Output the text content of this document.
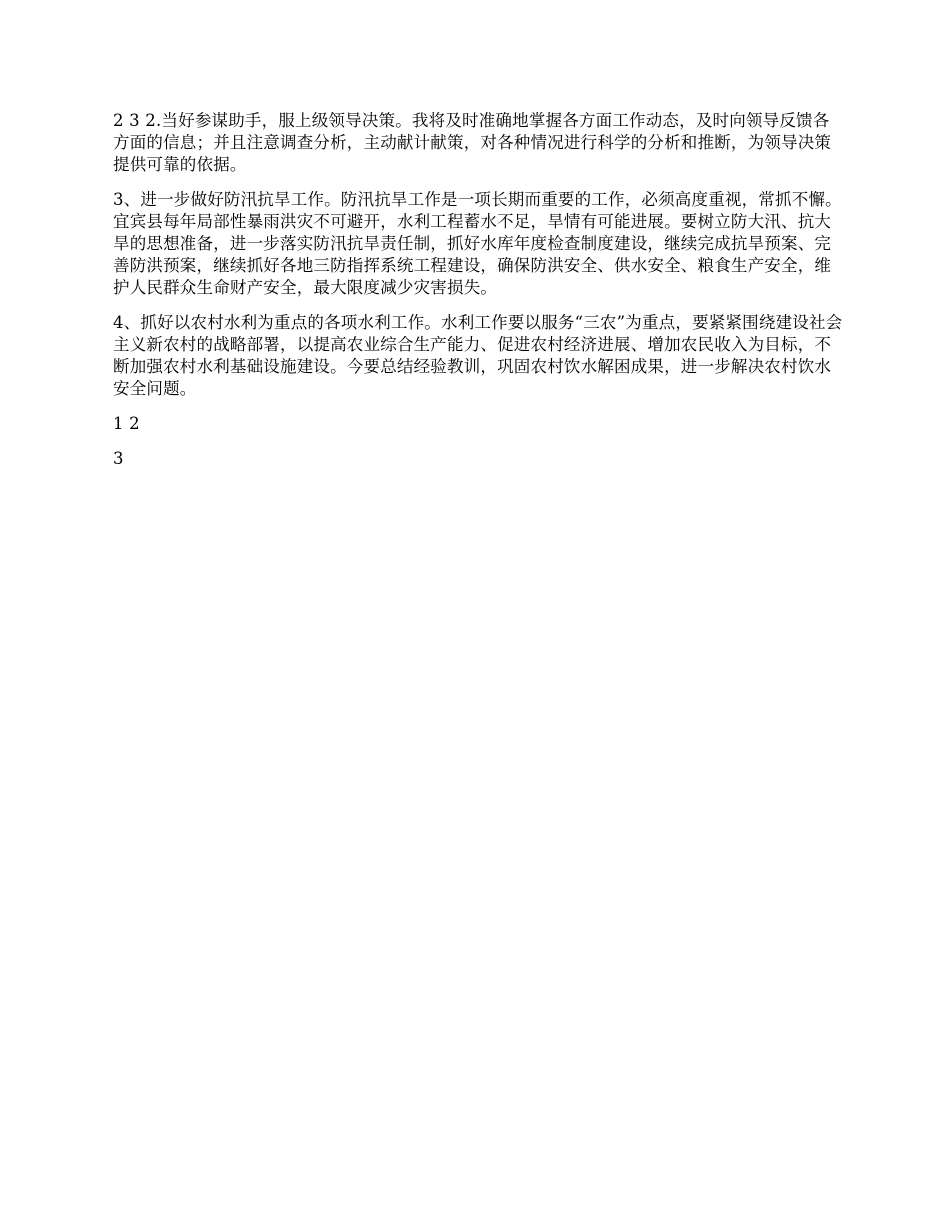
2 3 2.当好参谋助手，服上级领导决策。我将及时准确地掌握各方面工作动态，及时向领导反馈各方面的信息；并且注意调查分析，主动献计献策，对各种情况进行科学的分析和推断，为领导决策提供可靠的依据。

3、进一步做好防汛抗旱工作。防汛抗旱工作是一项长期而重要的工作，必须高度重视，常抓不懈。宜宾县每年局部性暴雨洪灾不可避开，水利工程蓄水不足，旱情有可能进展。要树立防大汛、抗大旱的思想准备，进一步落实防汛抗旱责任制，抓好水库年度检查制度建设，继续完成抗旱预案、完善防洪预案，继续抓好各地三防指挥系统工程建设，确保防洪安全、供水安全、粮食生产安全，维护人民群众生命财产安全，最大限度减少灾害损失。

4、抓好以农村水利为重点的各项水利工作。水利工作要以服务“三农”为重点，要紧紧围绕建设社会主义新农村的战略部署，以提高农业综合生产能力、促进农村经济进展、增加农民收入为目标，不断加强农村水利基础设施建设。今要总结经验教训，巩固农村饮水解困成果，进一步解决农村饮水安全问题。

1 2

3
